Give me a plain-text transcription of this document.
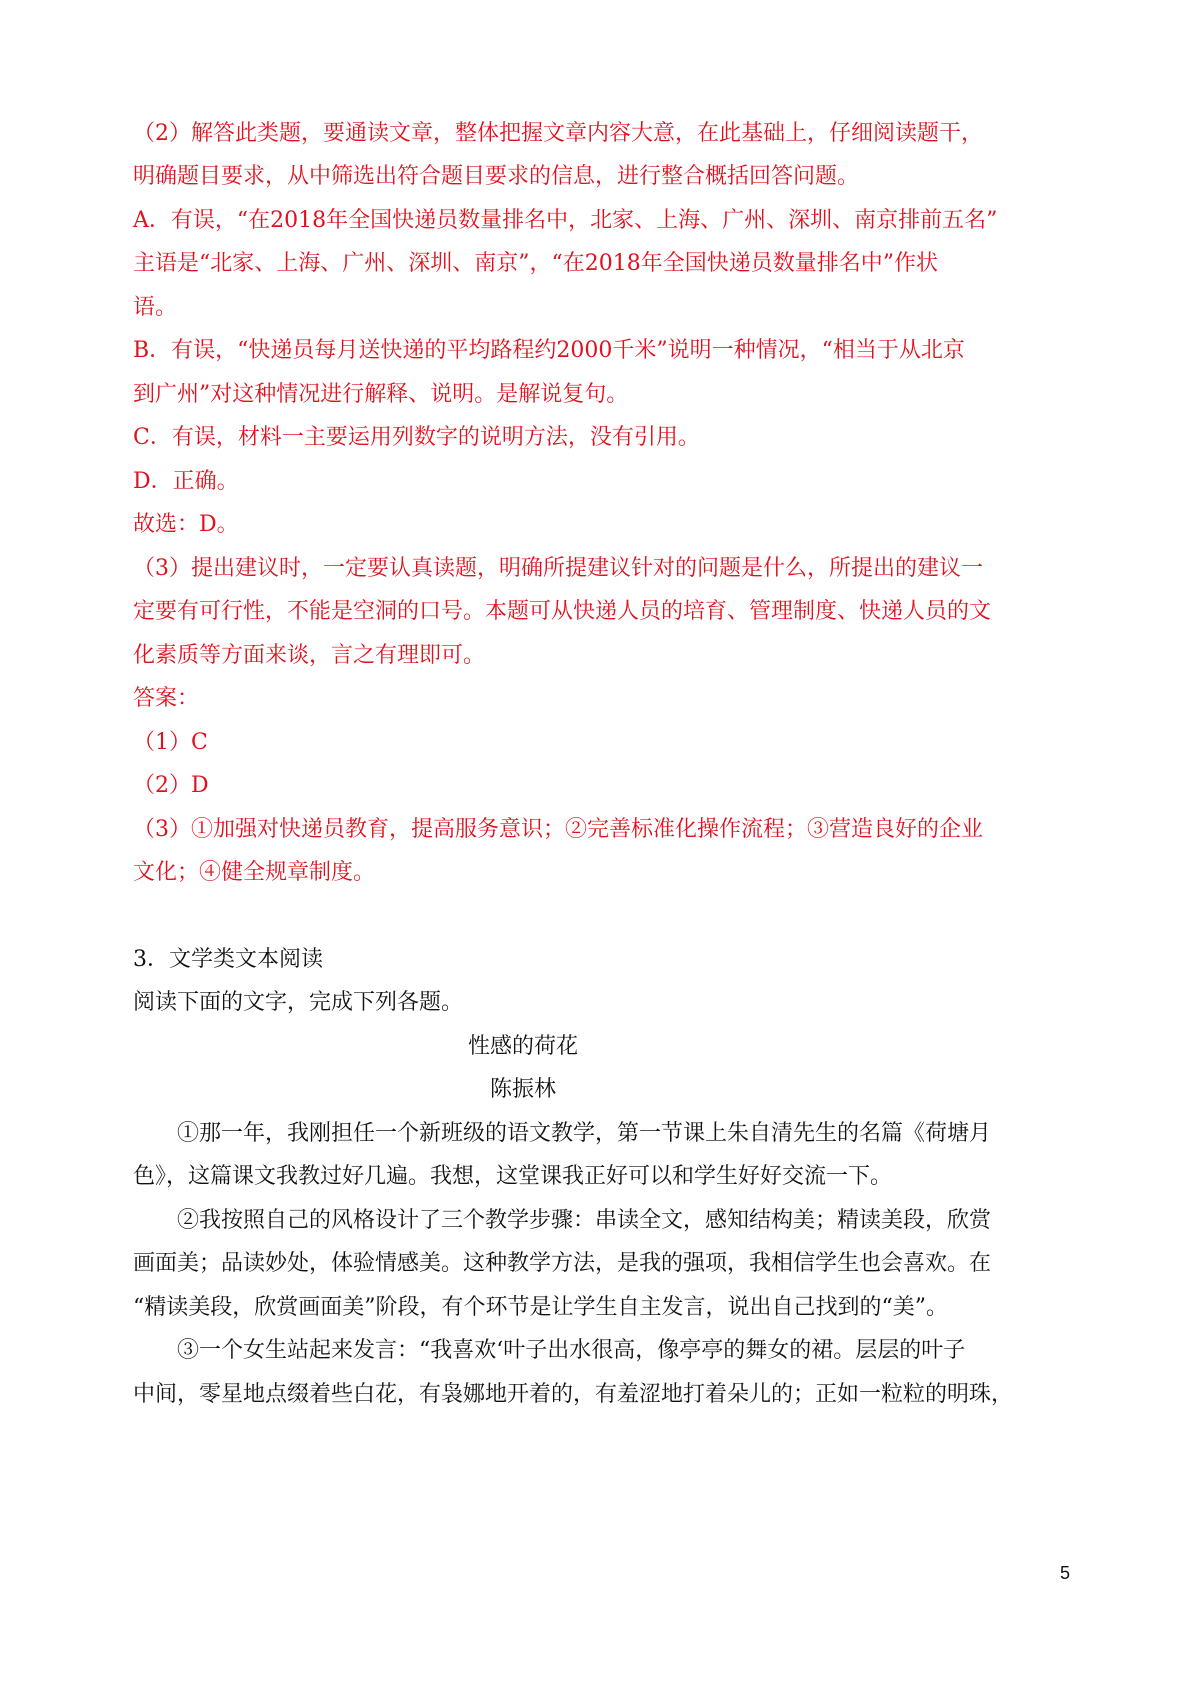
（2）解答此类题，要通读文章，整体把握文章内容大意，在此基础上，仔细阅读题干，
明确题目要求，从中筛选出符合题目要求的信息，进行整合概括回答问题。
A．有误，“在2018年全国快递员数量排名中，北家、上海、广州、深圳、南京排前五名”
主语是“北家、上海、广州、深圳、南京”，“在2018年全国快递员数量排名中”作状
语。
B．有误，“快递员每月送快递的平均路程约2000千米”说明一种情况，“相当于从北京
到广州”对这种情况进行解释、说明。是解说复句。
C．有误，材料一主要运用列数字的说明方法，没有引用。
D．正确。
故选：D。
（3）提出建议时，一定要认真读题，明确所提建议针对的问题是什么，所提出的建议一
定要有可行性，不能是空洞的口号。本题可从快递人员的培育、管理制度、快递人员的文
化素质等方面来谈，言之有理即可。
答案：
（1）C
（2）D
（3）①加强对快递员教育，提高服务意识；②完善标准化操作流程；③营造良好的企业
文化；④健全规章制度。
3．文学类文本阅读
阅读下面的文字，完成下列各题。
性感的荷花
陈振林
　　①那一年，我刚担任一个新班级的语文教学，第一节课上朱自清先生的名篇《荷塘月
色》，这篇课文我教过好几遍。我想，这堂课我正好可以和学生好好交流一下。
　　②我按照自己的风格设计了三个教学步骤：串读全文，感知结构美；精读美段，欣赏
画面美；品读妙处，体验情感美。这种教学方法，是我的强项，我相信学生也会喜欢。在
“精读美段，欣赏画面美”阶段，有个环节是让学生自主发言，说出自己找到的“美”。
　　③一个女生站起来发言：“我喜欢‘叶子出水很高，像亭亭的舞女的裙。层层的叶子
中间，零星地点缀着些白花，有袅娜地开着的，有羞涩地打着朵儿的；正如一粒粒的明珠，
5
